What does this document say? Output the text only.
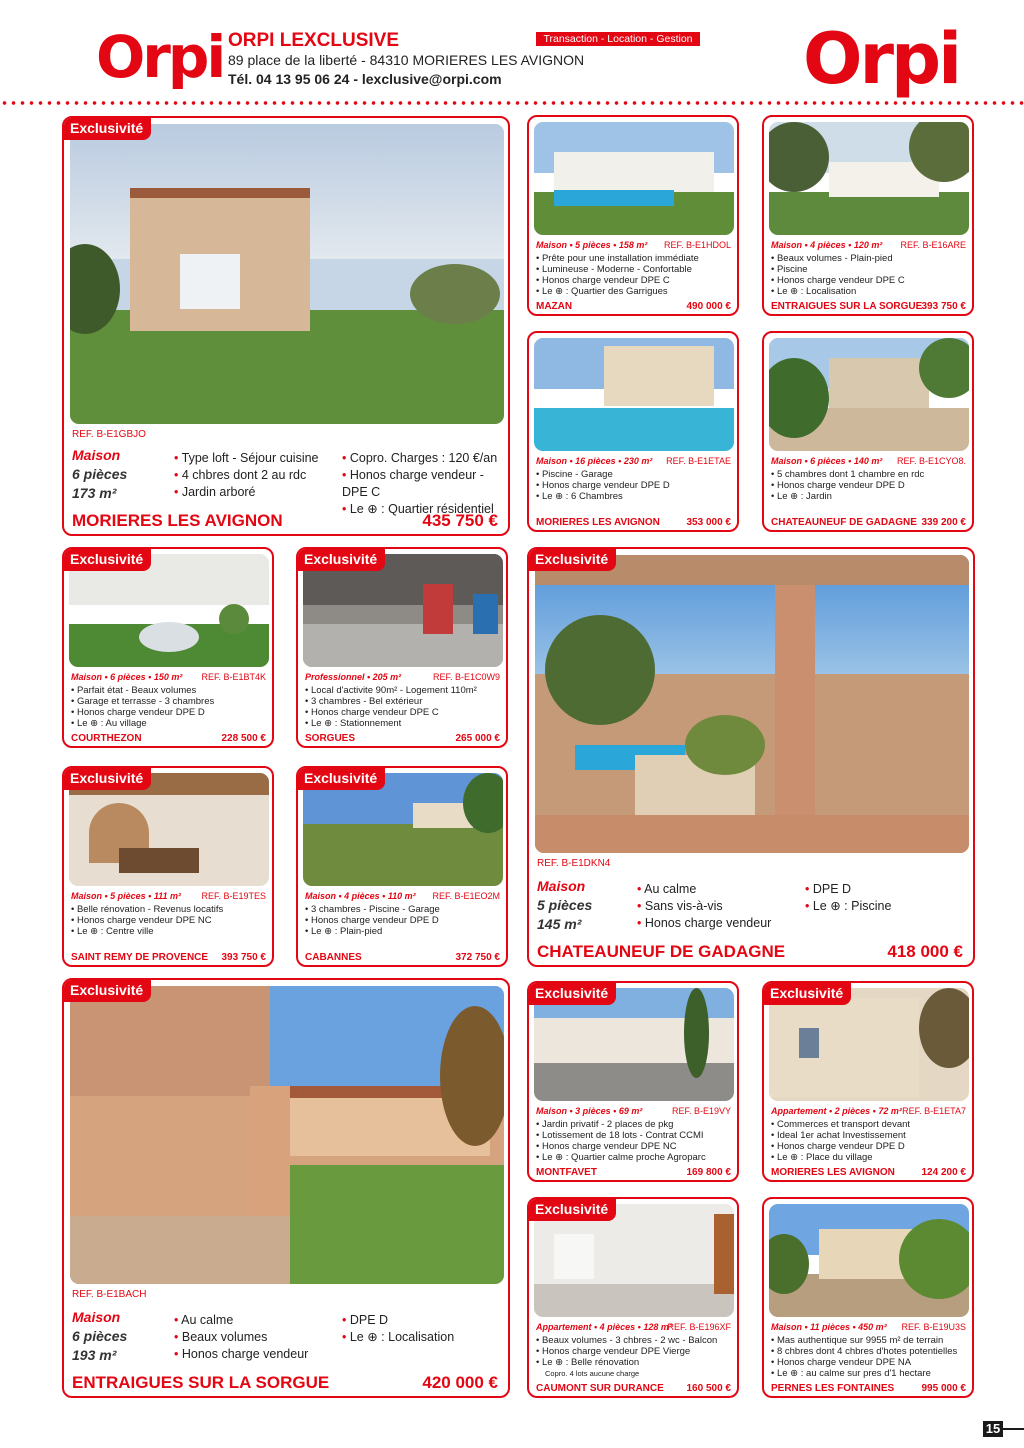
Orpi ORPI LEXCLUSIVE
89 place de la liberté - 84310 MORIERES LES AVIGNON
Tél. 04 13 95 06 24 - lexclusive@orpi.com
Transaction - Location - Gestion Orpi
Exclusivité
REF. B-E1GBJO
Maison
6 pièces
173 m²
• Type loft - Séjour cuisine
• 4 chbres dont 2 au rdc
• Jardin arboré
• Copro. Charges : 120 €/an
• Honos charge vendeur - DPE C
• Le ⊕ : Quartier résidentiel
MORIERES LES AVIGNON	435 750 €
Maison • 5 pièces • 158 m² REF. B-E1HDOL
• Prête pour une installation immédiate
• Lumineuse - Moderne - Confortable
• Honos charge vendeur DPE C
• Le ⊕ : Quartier des Garrigues
MAZAN	490 000 €
Maison • 4 pièces • 120 m² REF. B-E16ARE
• Beaux volumes - Plain-pied
• Piscine
• Honos charge vendeur DPE C
• Le ⊕ : Localisation
ENTRAIGUES SUR LA SORGUE 393 750 €
Maison • 16 pièces • 230 m² REF. B-E1ETAE
• Piscine - Garage
• Honos charge vendeur DPE D
• Le ⊕ : 6 Chambres
MORIERES LES AVIGNON	353 000 €
Maison • 6 pièces • 140 m² REF. B-E1CYO8.
• 5 chambres dont 1 chambre en rdc
• Honos charge vendeur DPE D
• Le ⊕ : Jardin
CHATEAUNEUF DE GADAGNE 339 200 €
Exclusivité
Maison • 6 pièces • 150 m² REF. B-E1BT4K
• Parfait état - Beaux volumes
• Garage et terrasse - 3 chambres
• Honos charge vendeur DPE D
• Le ⊕ : Au village
COURTHEZON	228 500 €
Exclusivité
Professionnel • 205 m²	REF. B-E1C0W9
• Local d'activite 90m² - Logement 110m²
• 3 chambres - Bel extérieur
• Honos charge vendeur DPE C
• Le ⊕ : Stationnement
SORGUES	265 000 €
Exclusivité
REF. B-E1DKN4
Maison
5 pièces
145 m²
• Au calme
• Sans vis-à-vis
• Honos charge vendeur
• DPE D
• Le ⊕ : Piscine
CHATEAUNEUF DE GADAGNE	418 000 €
Exclusivité
Maison • 5 pièces • 111 m² REF. B-E19TES
• Belle rénovation - Revenus locatifs
• Honos charge vendeur DPE NC
• Le ⊕ : Centre ville
SAINT REMY DE PROVENCE 393 750 €
Exclusivité
Maison • 4 pièces • 110 m² REF. B-E1EO2M
• 3 chambres - Piscine - Garage
• Honos charge vendeur DPE D
• Le ⊕ : Plain-pied
CABANNES	372 750 €
Exclusivité
REF. B-E1BACH
Maison
6 pièces
193 m²
• Au calme
• Beaux volumes
• Honos charge vendeur
• DPE D
• Le ⊕ : Localisation
ENTRAIGUES SUR LA SORGUE	420 000 €
Exclusivité
Maison • 3 pièces • 69 m²	REF. B-E19VY
• Jardin privatif - 2 places de pkg
• Lotissement de 18 lots - Contrat CCMI
• Honos charge vendeur DPE NC
• Le ⊕ : Quartier calme proche Agroparc
MONTFAVET	169 800 €
Exclusivité
Appartement • 2 pièces • 72 m² REF. B-E1ETA7
• Commerces et transport devant
• Ideal 1er achat Investissement
• Honos charge vendeur DPE D
• Le ⊕ : Place du village
MORIERES LES AVIGNON	124 200 €
Exclusivité
Appartement • 4 pièces • 128 m²
REF. B-E196XF
• Beaux volumes - 3 chbres - 2 wc - Balcon
• Honos charge vendeur DPE Vierge
• Le ⊕ : Belle rénovation
Copro. 4 lots aucune charge
CAUMONT SUR DURANCE 160 500 €
Maison • 11 pièces • 450 m² REF. B-E19U3S
• Mas authentique sur 9955 m² de terrain
• 8 chbres dont 4 chbres d'hotes potentielles
• Honos charge vendeur DPE NA
• Le ⊕ : au calme sur pres d'1 hectare
PERNES LES FONTAINES	995 000 €
15
